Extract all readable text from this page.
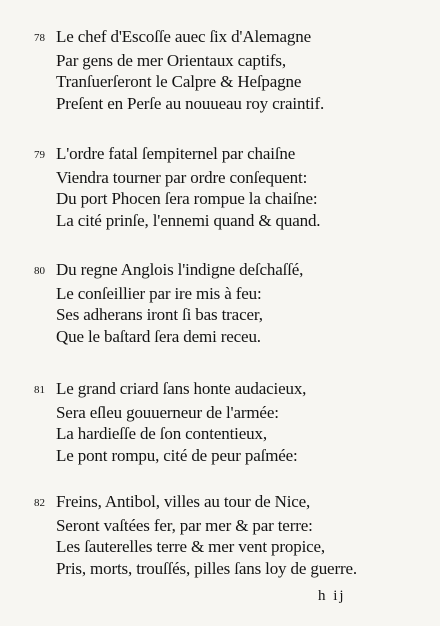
78 Le chef d'Escoſſe auec ſix d'Alemagne
Par gens de mer Orientaux captifs,
Tranſuerſeront le Calpre & Heſpagne
Preſent en Perſe au nouueau roy craintif.
79 L'ordre fatal ſempiternel par chaiſne
Viendra tourner par ordre conſequent:
Du port Phocen ſera rompue la chaiſne:
La cité prinſe, l'ennemi quand & quand.
80 Du regne Anglois l'indigne deſchaſſé,
Le conſeillier par ire mis à feu:
Ses adherans iront ſi bas tracer,
Que le baſtard ſera demi receu.
81 Le grand criard ſans honte audacieux,
Sera eſleu gouuerneur de l'armée:
La hardieſſe de ſon contentieux,
Le pont rompu, cité de peur paſmée:
82 Freins, Antibol, villes au tour de Nice,
Seront vaſtées fer, par mer & par terre:
Les ſauterelles terre & mer vent propice,
Pris, morts, trouſſés, pilles ſans loy de guerre.
h ij
